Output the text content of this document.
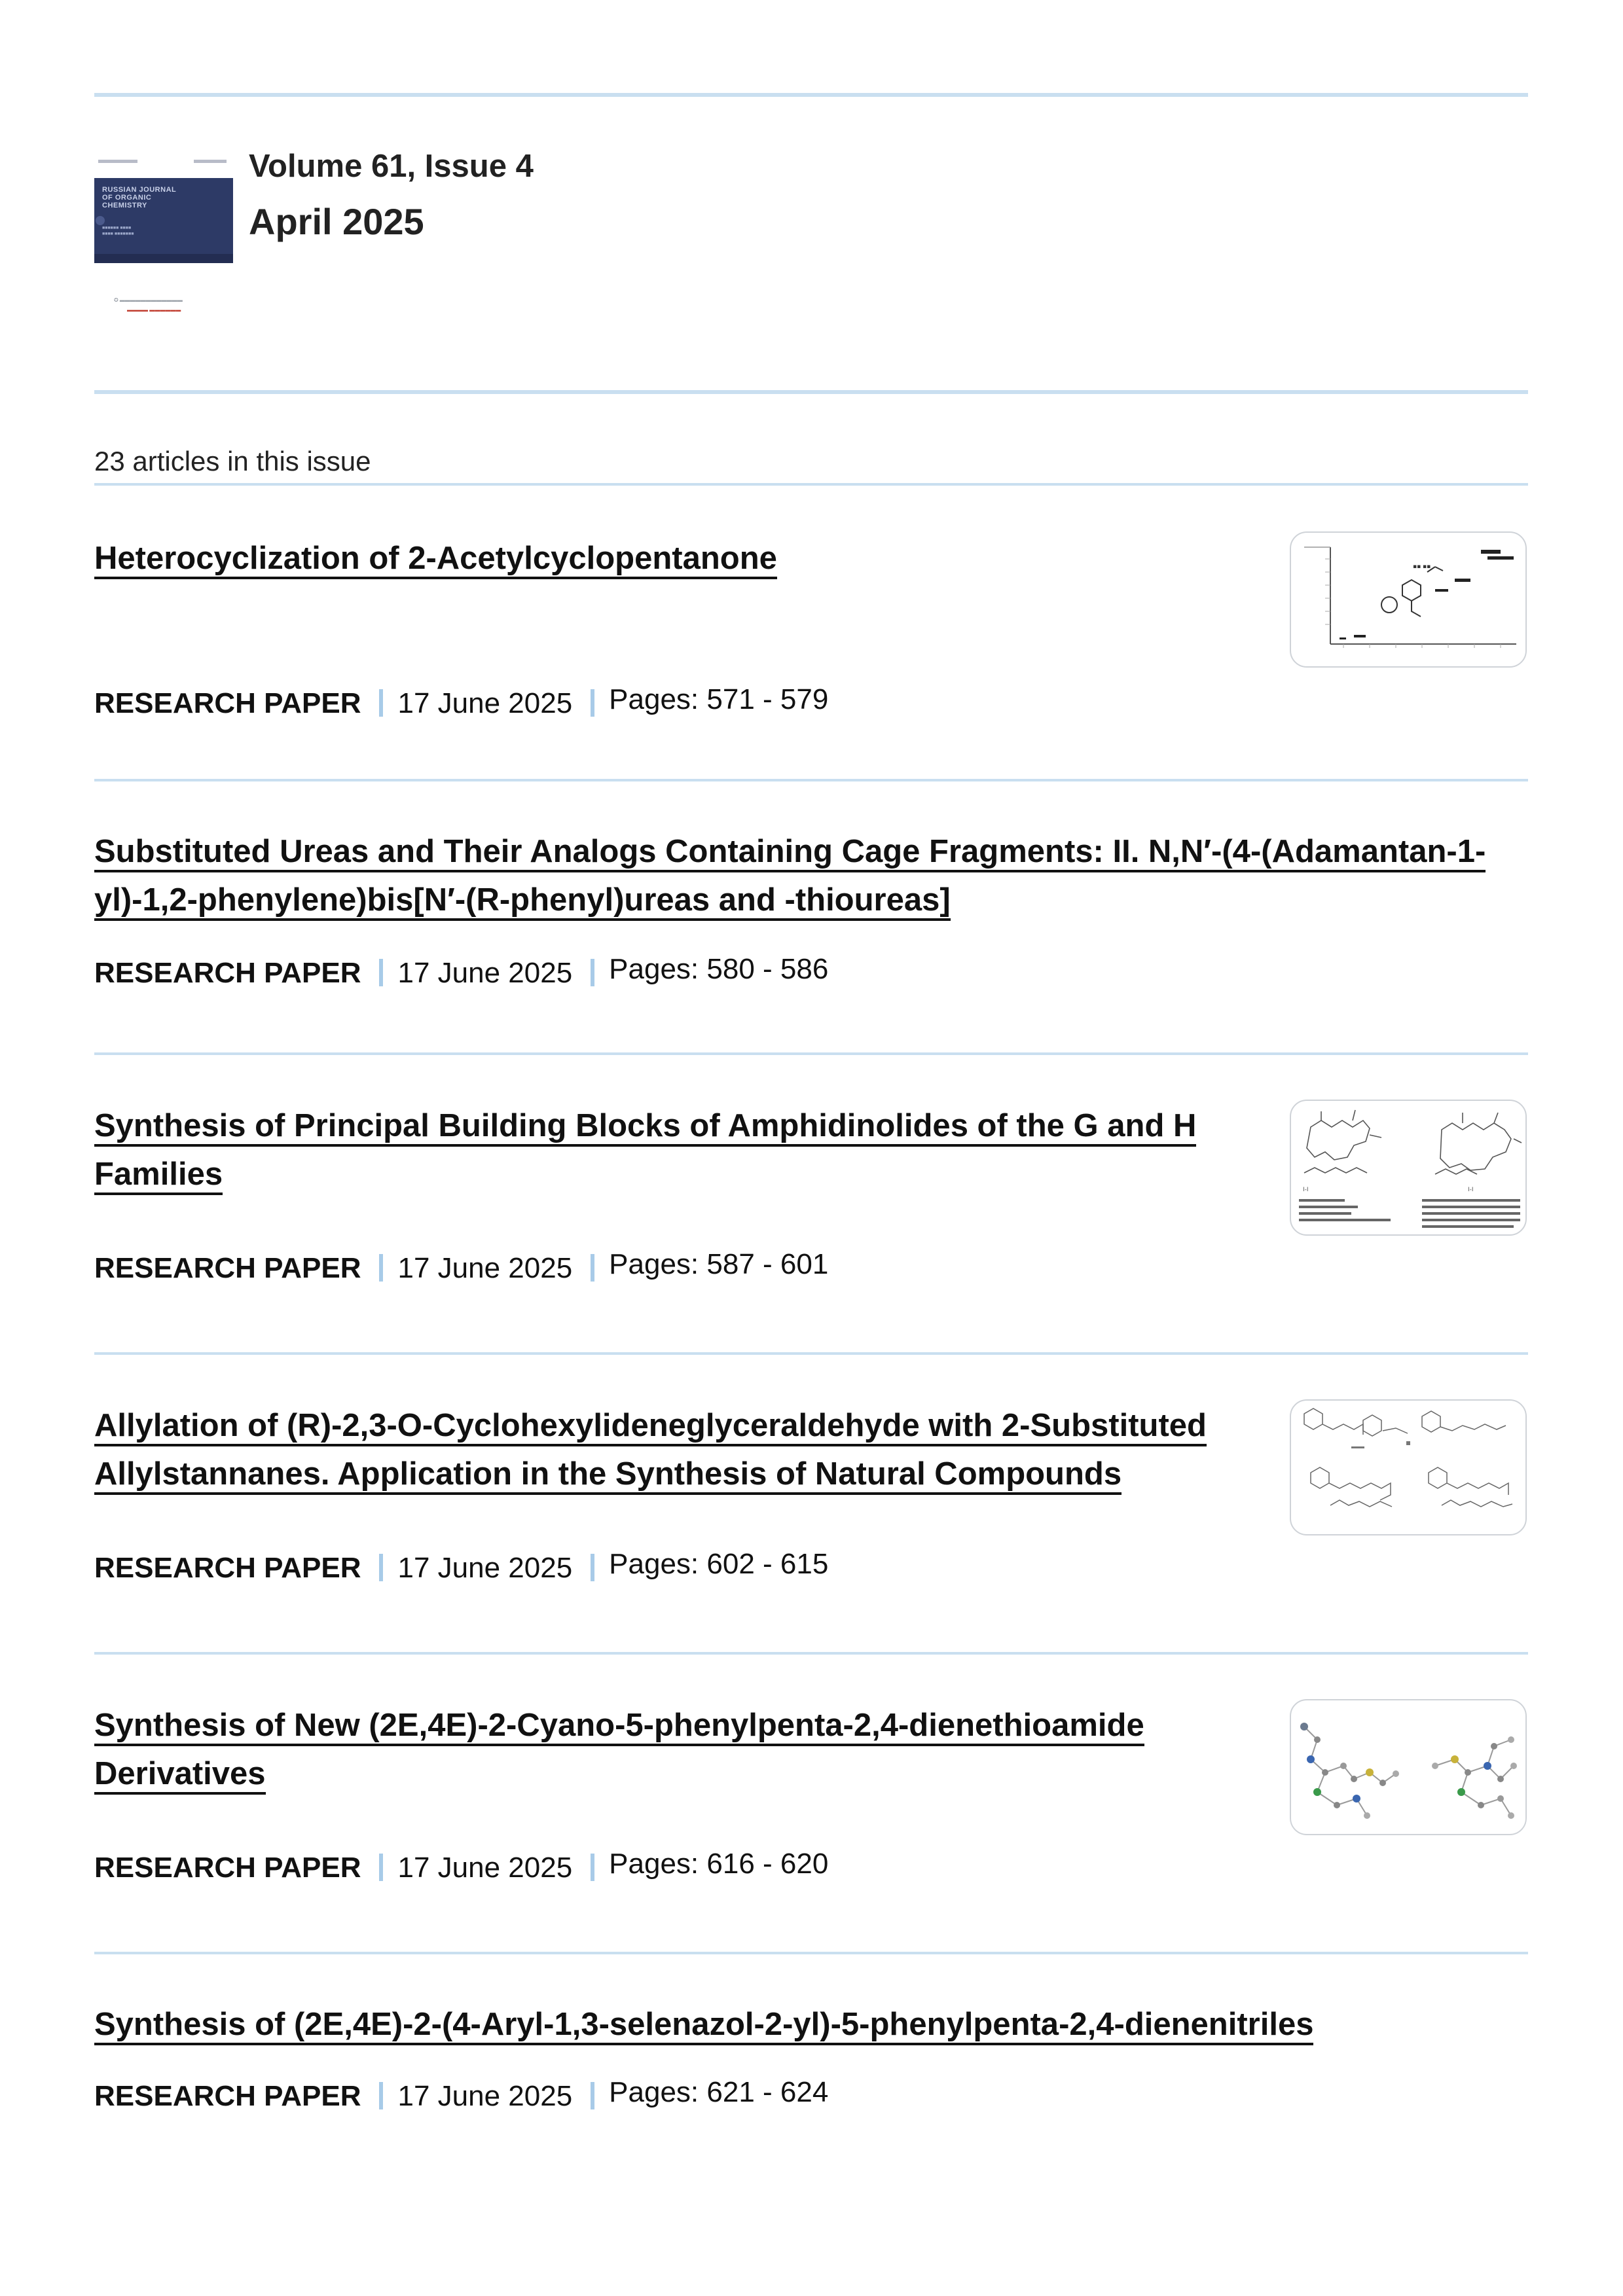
RUSSIAN JOURNAL OF ORGANIC CHEMISTRY
■■■■■■ ■■■■
■■■■ ■■■■■■■
✪ ▬▬▬▬▬▬▬▬▬▬▬▬
▬▬▬▬ ▬▬▬▬▬▬
Volume 61, Issue 4
April 2025
23 articles in this issue
Heterocyclization of 2-Acetylcyclopentanone
RESEARCH PAPER 17 June 2025 Pages: 571 - 579
▪▪ ▪▪
Substituted Ureas and Their Analogs Containing Cage Fragments: II. N,N′-(4-(Adamantan-1-
yl)-1,2-phenylene)bis[N′-(R-phenyl)ureas and -thioureas]
RESEARCH PAPER 17 June 2025 Pages: 580 - 586
Synthesis of Principal Building Blocks of Amphidinolides of the G and H
Families
RESEARCH PAPER 17 June 2025 Pages: 587 - 601
I-I	I-I
Allylation of (R)-2,3-O-Cyclohexylideneglyceraldehyde with 2-Substituted
Allylstannanes. Application in the Synthesis of Natural Compounds
RESEARCH PAPER 17 June 2025 Pages: 602 - 615
Synthesis of New (2E,4E)-2-Cyano-5-phenylpenta-2,4-dienethioamide
Derivatives
RESEARCH PAPER 17 June 2025 Pages: 616 - 620
Synthesis of (2E,4E)-2-(4-Aryl-1,3-selenazol-2-yl)-5-phenylpenta-2,4-dienenitriles
RESEARCH PAPER 17 June 2025 Pages: 621 - 624
